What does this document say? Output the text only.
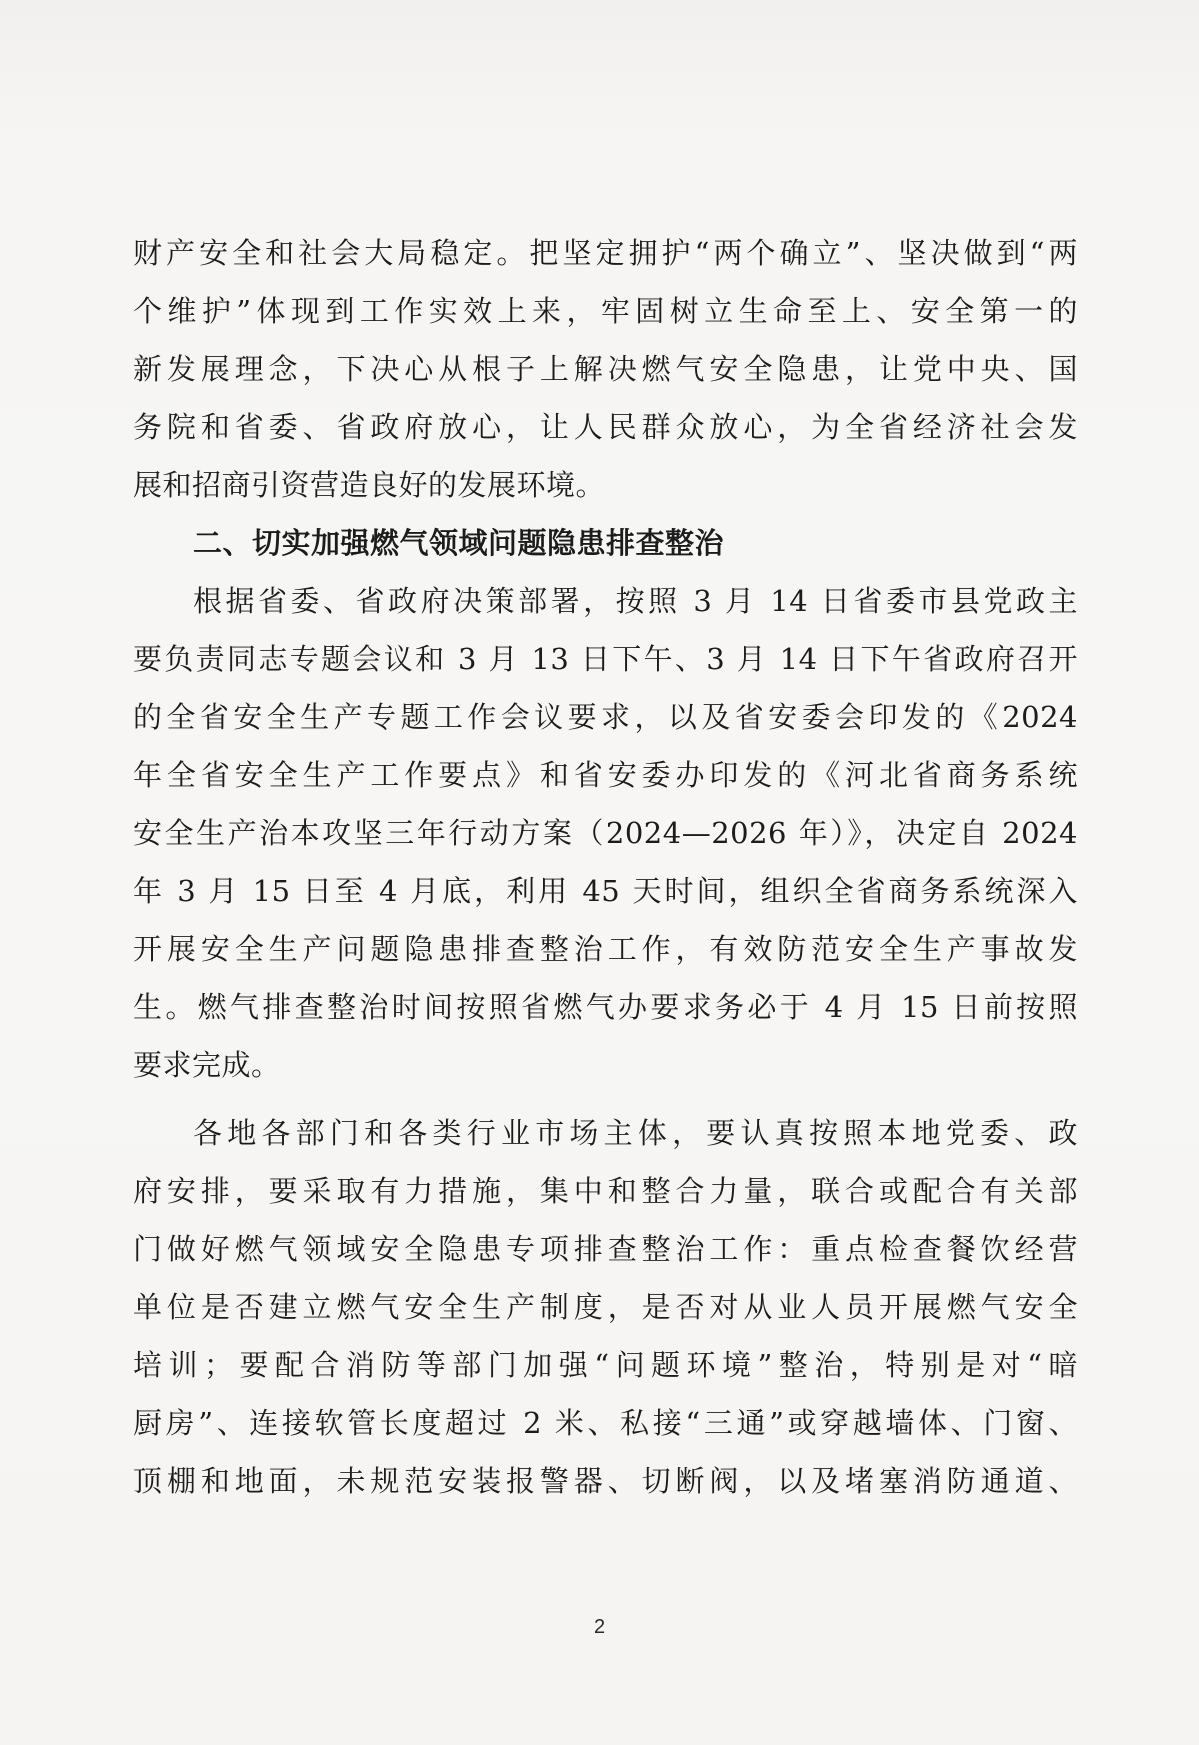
财产安全和社会大局稳定。把坚定拥护“两个确立”、坚决做到“两
个维护”体现到工作实效上来，牢固树立生命至上、安全第一的
新发展理念，下决心从根子上解决燃气安全隐患，让党中央、国
务院和省委、省政府放心，让人民群众放心，为全省经济社会发
展和招商引资营造良好的发展环境。
二、切实加强燃气领域问题隐患排查整治
根据省委、省政府决策部署，按照 3 月 14 日省委市县党政主
要负责同志专题会议和 3 月 13 日下午、3 月 14 日下午省政府召开
的全省安全生产专题工作会议要求，以及省安委会印发的《2024
年全省安全生产工作要点》和省安委办印发的《河北省商务系统
安全生产治本攻坚三年行动方案（2024—2026 年）》，决定自 2024
年 3 月 15 日至 4 月底，利用 45 天时间，组织全省商务系统深入
开展安全生产问题隐患排查整治工作，有效防范安全生产事故发
生。燃气排查整治时间按照省燃气办要求务必于 4 月 15 日前按照
要求完成。
各地各部门和各类行业市场主体，要认真按照本地党委、政
府安排，要采取有力措施，集中和整合力量，联合或配合有关部
门做好燃气领域安全隐患专项排查整治工作：重点检查餐饮经营
单位是否建立燃气安全生产制度，是否对从业人员开展燃气安全
培训；要配合消防等部门加强“问题环境”整治，特别是对“暗
厨房”、连接软管长度超过 2 米、私接“三通”或穿越墙体、门窗、
顶棚和地面，未规范安装报警器、切断阀，以及堵塞消防通道、
2
